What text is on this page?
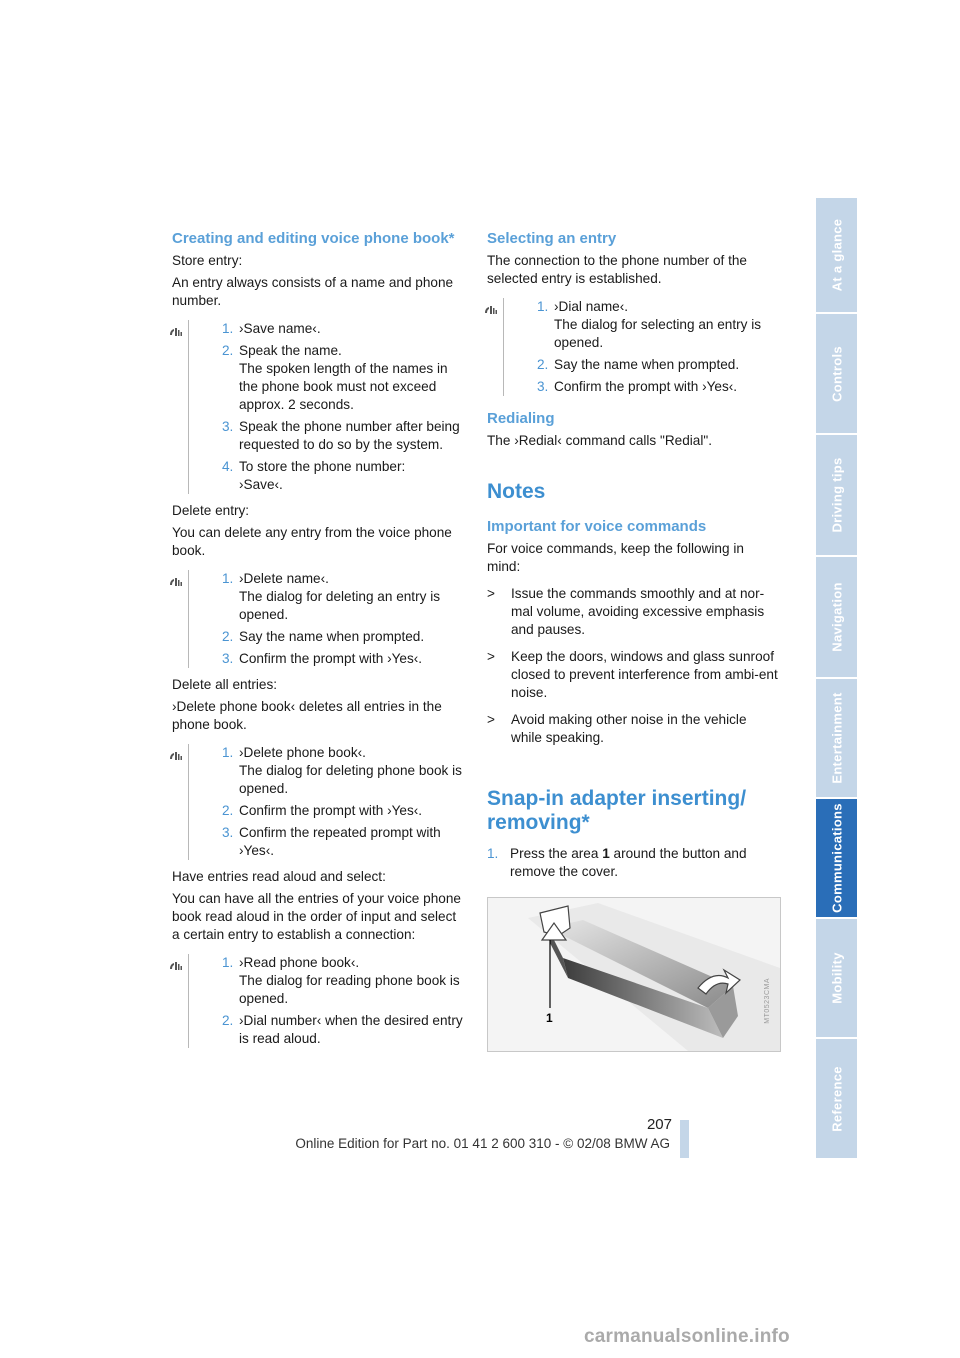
Creating and editing voice phone book*

Store entry:

An entry always consists of a name and phone number.

1. ›Save name‹.
2. Speak the name.
The spoken length of the names in the phone book must not exceed approx. 2 seconds.
3. Speak the phone number after being requested to do so by the system.
4. To store the phone number:
›Save‹.

Delete entry:

You can delete any entry from the voice phone book.

1. ›Delete name‹.
The dialog for deleting an entry is opened.
2. Say the name when prompted.
3. Confirm the prompt with ›Yes‹.

Delete all entries:

›Delete phone book‹ deletes all entries in the phone book.

1. ›Delete phone book‹.
The dialog for deleting phone book is opened.
2. Confirm the prompt with ›Yes‹.
3. Confirm the repeated prompt with ›Yes‹.

Have entries read aloud and select:

You can have all the entries of your voice phone book read aloud in the order of input and select a certain entry to establish a connection:

1. ›Read phone book‹.
The dialog for reading phone book is opened.
2. ›Dial number‹ when the desired entry is read aloud.
Selecting an entry

The connection to the phone number of the selected entry is established.

1. ›Dial name‹.
The dialog for selecting an entry is opened.
2. Say the name when prompted.
3. Confirm the prompt with ›Yes‹.
Redialing

The ›Redial‹ command calls "Redial".

Notes
Important for voice commands

For voice commands, keep the following in mind:

> Issue the commands smoothly and at nor-mal volume, avoiding excessive emphasis and pauses.
> Keep the doors, windows and glass sunroof closed to prevent interference from ambi-ent noise.
> Avoid making other noise in the vehicle while speaking.
Snap-in adapter inserting/ removing*
1. Press the area 1 around the button and remove the cover.
1	MT0523CMA
At a glance
Controls
Driving tips
Navigation
Entertainment
Communications
Mobility
Reference
207
Online Edition for Part no. 01 41 2 600 310 - © 02/08 BMW AG
carmanualsonline.info
